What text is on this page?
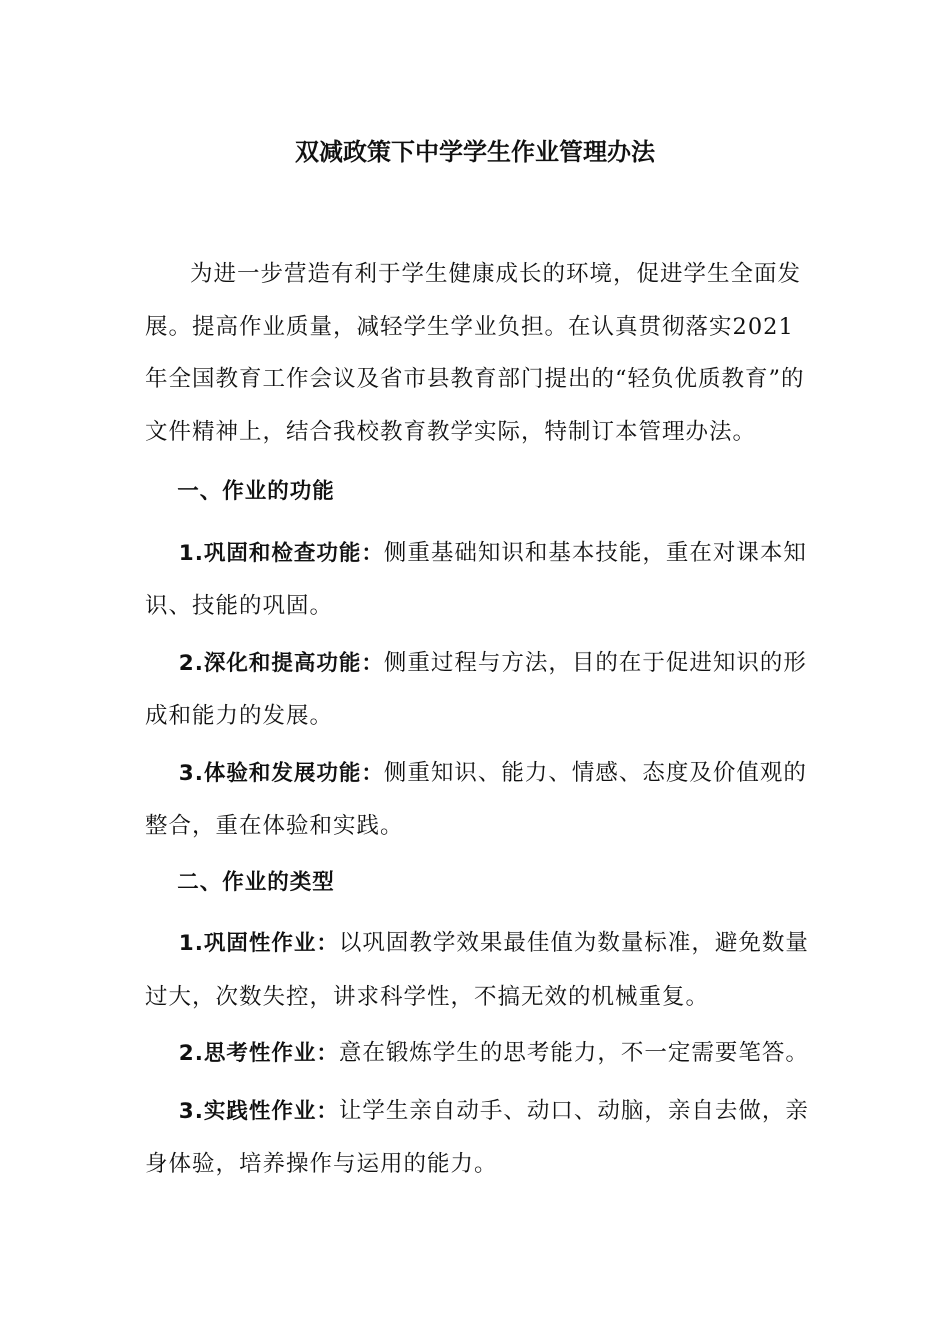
双减政策下中学学生作业管理办法

为进一步营造有利于学生健康成长的环境，促进学生全面发展。提高作业质量，减轻学生学业负担。在认真贯彻落实2021年全国教育工作会议及省市县教育部门提出的“轻负优质教育”的文件精神上，结合我校教育教学实际，特制订本管理办法。

一、作业的功能

1.巩固和检查功能：侧重基础知识和基本技能，重在对课本知识、技能的巩固。

2.深化和提高功能：侧重过程与方法，目的在于促进知识的形成和能力的发展。

3.体验和发展功能：侧重知识、能力、情感、态度及价值观的整合，重在体验和实践。

二、作业的类型

1.巩固性作业：以巩固教学效果最佳值为数量标准，避免数量过大，次数失控，讲求科学性，不搞无效的机械重复。

2.思考性作业：意在锻炼学生的思考能力，不一定需要笔答。

3.实践性作业：让学生亲自动手、动口、动脑，亲自去做，亲身体验，培养操作与运用的能力。
